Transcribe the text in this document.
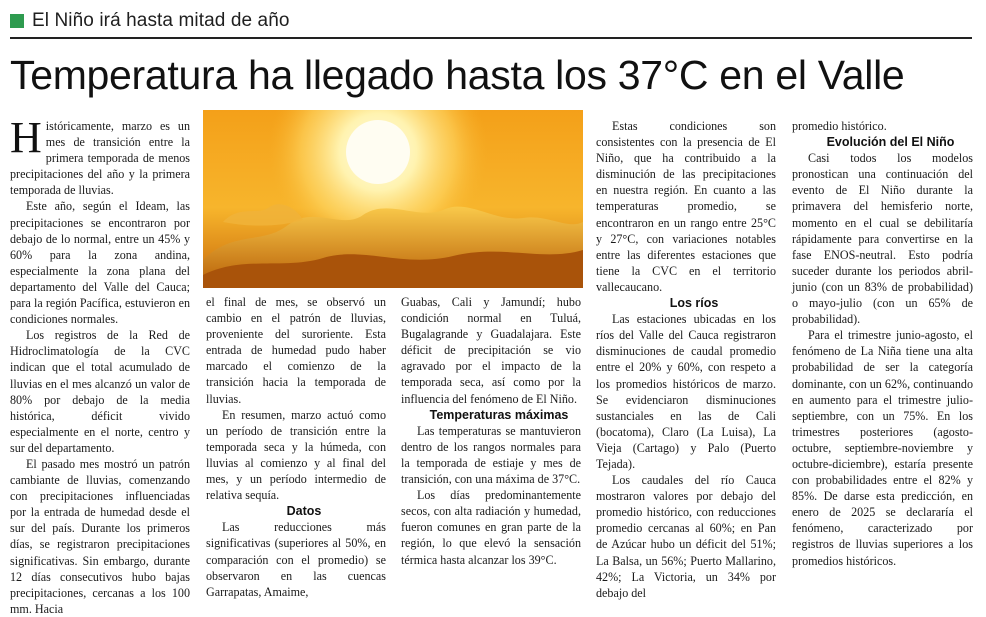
El Niño irá hasta mitad de año
Temperatura ha llegado hasta los 37°C en el Valle

Históricamente, marzo es un mes de transición entre la primera temporada de menos precipitaciones del año y la primera temporada de lluvias.

Este año, según el Ideam, las precipitaciones se encontraron por debajo de lo normal, entre un 45% y 60% para la zona andina, especialmente la zona plana del departamento del Valle del Cauca; para la región Pacífica, estuvieron en condiciones normales.

Los registros de la Red de Hidroclimatología de la CVC indican que el total acumulado de lluvias en el mes alcanzó un valor de 80% por debajo de la media histórica, déficit vivido especialmente en el norte, centro y sur del departamento.

El pasado mes mostró un patrón cambiante de lluvias, comenzando con precipitaciones influenciadas por la entrada de humedad desde el sur del país. Durante los primeros días, se registraron precipitaciones significativas. Sin embargo, durante 12 días consecutivos hubo bajas precipitaciones, cercanas a los 100 mm. Hacia

el final de mes, se observó un cambio en el patrón de lluvias, proveniente del suroriente. Esta entrada de humedad pudo haber marcado el comienzo de la transición hacia la temporada de lluvias.

En resumen, marzo actuó como un período de transición entre la temporada seca y la húmeda, con lluvias al comienzo y al final del mes, y un período intermedio de relativa sequía.

Datos

Las reducciones más significativas (superiores al 50%, en comparación con el promedio) se observaron en las cuencas Garrapatas, Amaime,

Guabas, Cali y Jamundí; hubo condición normal en Tuluá, Bugalagrande y Guadalajara. Este déficit de precipitación se vio agravado por el impacto de la temporada seca, así como por la influencia del fenómeno de El Niño.

Temperaturas máximas

Las temperaturas se mantuvieron dentro de los rangos normales para la temporada de estiaje y mes de transición, con una máxima de 37°C.

Los días predominantemente secos, con alta radiación y humedad, fueron comunes en gran parte de la región, lo que elevó la sensación térmica hasta alcanzar los 39°C.

Estas condiciones son consistentes con la presencia de El Niño, que ha contribuido a la disminución de las precipitaciones en nuestra región. En cuanto a las temperaturas promedio, se encontraron en un rango entre 25°C y 27°C, con variaciones notables entre las diferentes estaciones que tiene la CVC en el territorio vallecaucano.

Los ríos

Las estaciones ubicadas en los ríos del Valle del Cauca registraron disminuciones de caudal promedio entre el 20% y 60%, con respeto a los promedios históricos de marzo. Se evidenciaron disminuciones sustanciales en las de Cali (bocatoma), Claro (La Luisa), La Vieja (Cartago) y Palo (Puerto Tejada).

Los caudales del río Cauca mostraron valores por debajo del promedio histórico, con reducciones promedio cercanas al 60%; en Pan de Azúcar hubo un déficit del 51%; La Balsa, un 56%; Puerto Mallarino, 42%; La Victoria, un 34% por debajo del

promedio histórico.

Evolución del El Niño

Casi todos los modelos pronostican una continuación del evento de El Niño durante la primavera del hemisferio norte, momento en el cual se debilitaría rápidamente para convertirse en la fase ENOS-neutral. Esto podría suceder durante los periodos abril-junio (con un 83% de probabilidad) o mayo-julio (con un 65% de probabilidad).

Para el trimestre junio-agosto, el fenómeno de La Niña tiene una alta probabilidad de ser la categoría dominante, con un 62%, continuando en aumento para el trimestre julio-septiembre, con un 75%. En los trimestres posteriores (agosto-octubre, septiembre-noviembre y octubre-diciembre), estaría presente con probabilidades entre el 82% y 85%. De darse esta predicción, en enero de 2025 se declararía el fenómeno, caracterizado por registros de lluvias superiores a los promedios históricos.
